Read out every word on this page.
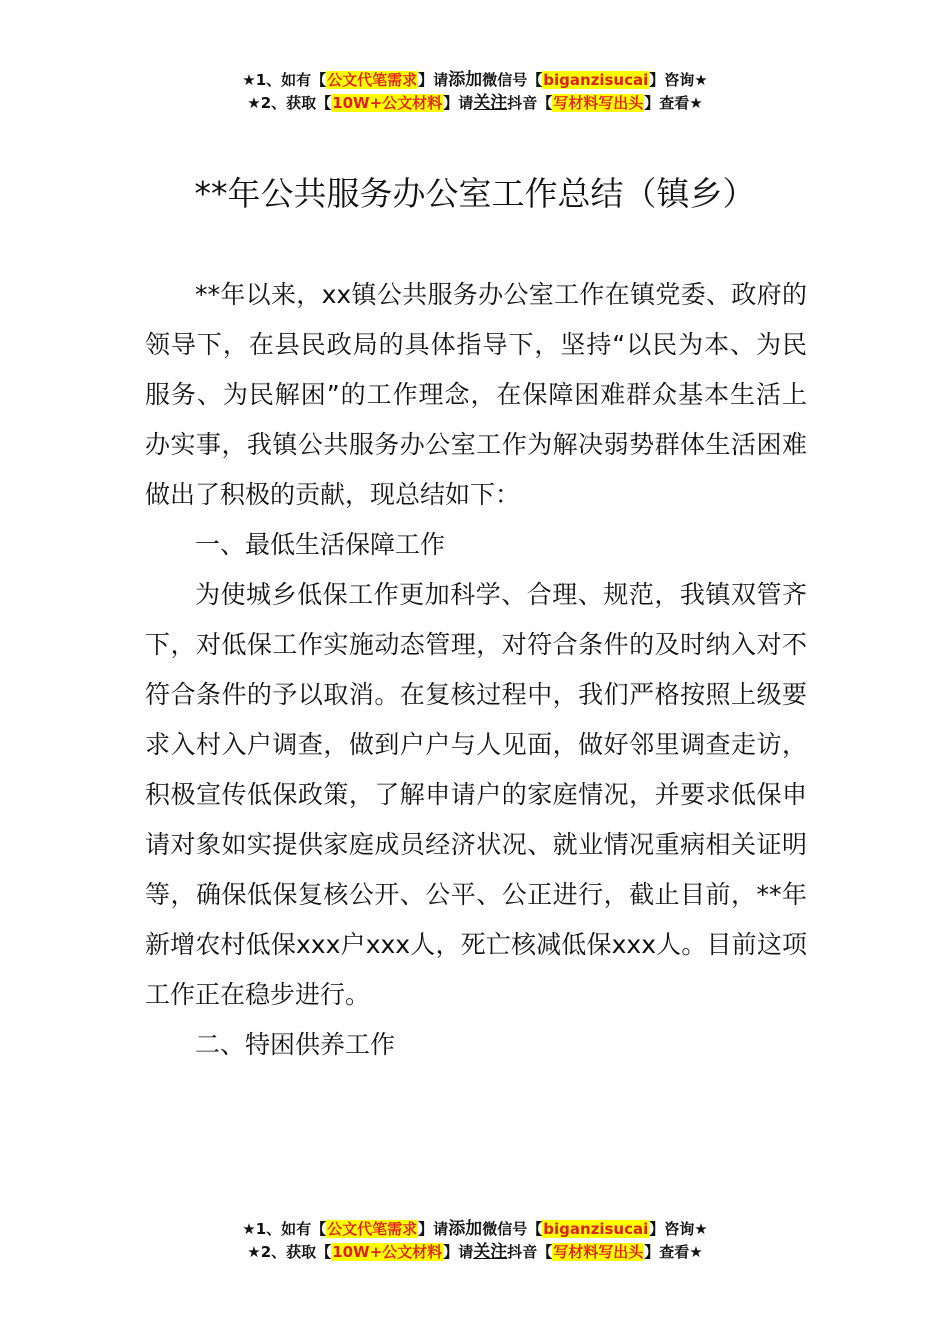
★1、如有【公文代笔需求】请添加微信号【biganzisucai】咨询★
★2、获取【10W+公文材料】请关注抖音【写材料写出头】查看★
**年公共服务办公室工作总结（镇乡）

**年以来，xx镇公共服务办公室工作在镇党委、政府的领导下，在县民政局的具体指导下，坚持“以民为本、为民服务、为民解困”的工作理念，在保障困难群众基本生活上办实事，我镇公共服务办公室工作为解决弱势群体生活困难做出了积极的贡献，现总结如下：

一、最低生活保障工作

为使城乡低保工作更加科学、合理、规范，我镇双管齐下，对低保工作实施动态管理，对符合条件的及时纳入对不符合条件的予以取消。在复核过程中，我们严格按照上级要求入村入户调查，做到户户与人见面，做好邻里调查走访，积极宣传低保政策，了解申请户的家庭情况，并要求低保申请对象如实提供家庭成员经济状况、就业情况重病相关证明等，确保低保复核公开、公平、公正进行，截止目前，**年新增农村低保xxx户xxx人，死亡核减低保xxx人。目前这项工作正在稳步进行。

二、特困供养工作

★1、如有【公文代笔需求】请添加微信号【biganzisucai】咨询★
★2、获取【10W+公文材料】请关注抖音【写材料写出头】查看★
